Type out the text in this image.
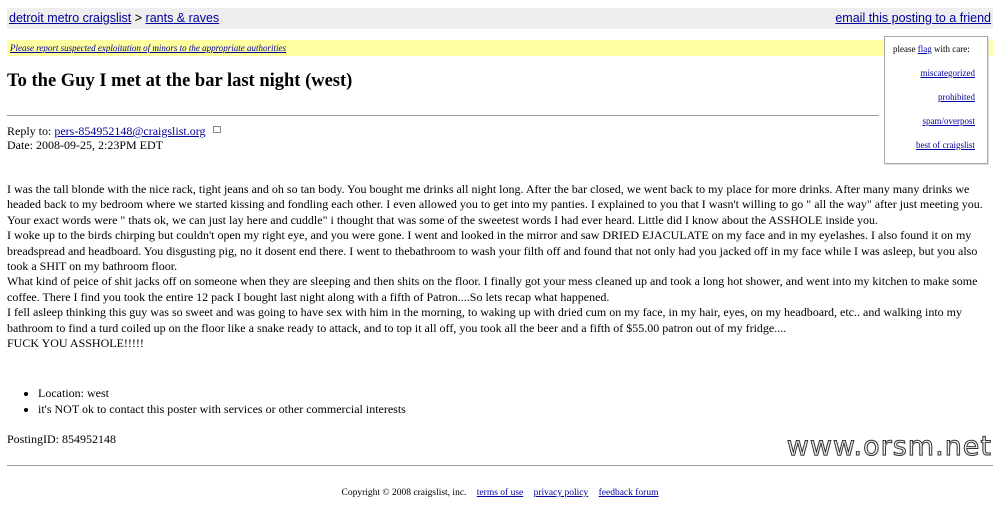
detroit metro craigslist > rants & raves	email this posting to a friend
Please report suspected exploitation of minors to the appropriate authorities	please flag with care:
miscategorized
prohibited
spam/overpost
best of craigslist
To the Guy I met at the bar last night (west)
Reply to: pers-854952148@craigslist.org
Date: 2008-09-25, 2:23PM EDT

I was the tall blonde with the nice rack, tight jeans and oh so tan body. You bought me drinks all night long. After the bar closed, we went back to my place for more drinks. After many many drinks we headed back to my bedroom where we started kissing and fondling each other. I even allowed you to get into my panties. I explained to you that I wasn't willing to go " all the way" after just meeting you. Your exact words were " thats ok, we can just lay here and cuddle" i thought that was some of the sweetest words I had ever heard. Little did I know about the ASSHOLE inside you.

I woke up to the birds chirping but couldn't open my right eye, and you were gone. I went and looked in the mirror and saw DRIED EJACULATE on my face and in my eyelashes. I also found it on my breadspread and headboard. You disgusting pig, no it dosent end there. I went to thebathroom to wash your filth off and found that not only had you jacked off in my face while I was asleep, but you also took a SHIT on my bathroom floor.

What kind of peice of shit jacks off on someone when they are sleeping and then shits on the floor. I finally got your mess cleaned up and took a long hot shower, and went into my kitchen to make some coffee. There I find you took the entire 12 pack I bought last night along with a fifth of Patron....So lets recap what happened.

I fell asleep thinking this guy was so sweet and was going to have sex with him in the morning, to waking up with dried cum on my face, in my hair, eyes, on my headboard, etc.. and walking into my bathroom to find a turd coiled up on the floor like a snake ready to attack, and to top it all off, you took all the beer and a fifth of $55.00 patron out of my fridge....

FUCK YOU ASSHOLE!!!!!

• Location: west
• it's NOT ok to contact this poster with services or other commercial interests
PostingID: 854952148	www.orsm.net
Copyright © 2008 craigslist, inc. terms of use privacy policy feedback forum
